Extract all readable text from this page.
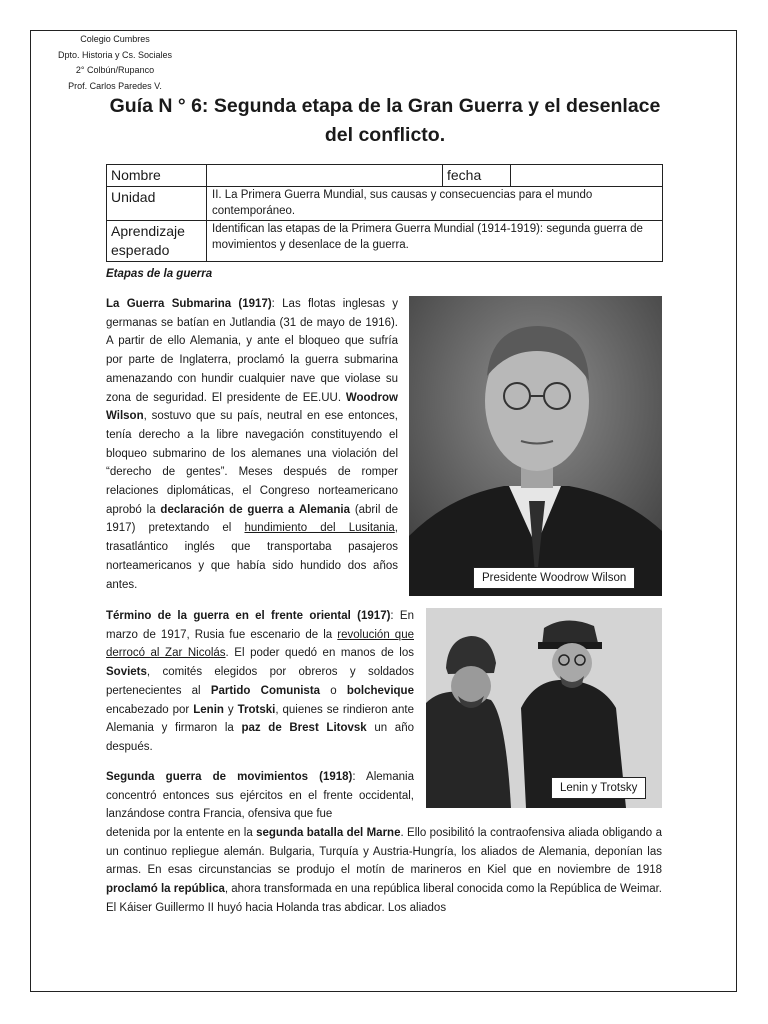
Colegio Cumbres
Dpto. Historia y Cs. Sociales
2° Colbún/Rupanco
Prof. Carlos Paredes V.
Guía N ° 6: Segunda etapa de la Gran Guerra y el desenlace
del conflicto.
Nombre		fecha	
Unidad	II. La Primera Guerra Mundial, sus causas y consecuencias para el mundo contemporáneo.		
Aprendizaje
esperado	Identifican las etapas de la Primera Guerra Mundial (1914-1919): segunda guerra de movimientos y desenlace de la guerra.		
Etapas de la guerra

La Guerra Submarina (1917): Las flotas inglesas y germanas se batían en Jutlandia (31 de mayo de 1916). A partir de ello Alemania, y ante el bloqueo que sufría por parte de Inglaterra, proclamó la guerra submarina amenazando con hundir cualquier nave que violase su zona de seguridad. El presidente de EE.UU. Woodrow Wilson, sostuvo que su país, neutral en ese entonces, tenía derecho a la libre navegación constituyendo el bloqueo submarino de los alemanes una violación del “derecho de gentes”. Meses después de romper relaciones diplomáticas, el Congreso norteamericano aprobó la declaración de guerra a Alemania (abril de 1917) pretextando el hundimiento del Lusitania, trasatlántico inglés que transportaba pasajeros norteamericanos y que había sido hundido dos años antes.

Presidente Woodrow Wilson

Término de la guerra en el frente oriental (1917): En marzo de 1917, Rusia fue escenario de la revolución que derrocó al Zar Nicolás. El poder quedó en manos de los Soviets, comités elegidos por obreros y soldados pertenecientes al Partido Comunista o bolchevique encabezado por Lenin y Trotski, quienes se rindieron ante Alemania y firmaron la paz de Brest Litovsk un año después.

Lenin y Trotsky

Segunda guerra de movimientos (1918): Alemania concentró entonces sus ejércitos en el frente occidental, lanzándose contra Francia, ofensiva que fue

detenida por la entente en la segunda batalla del Marne. Ello posibilitó la contraofensiva aliada obligando a un continuo repliegue alemán. Bulgaria, Turquía y Austria-Hungría, los aliados de Alemania, deponían las armas. En esas circunstancias se produjo el motín de marineros en Kiel que en noviembre de 1918 proclamó la república, ahora transformada en una república liberal conocida como la República de Weimar. El Káiser Guillermo II huyó hacia Holanda tras abdicar. Los aliados
